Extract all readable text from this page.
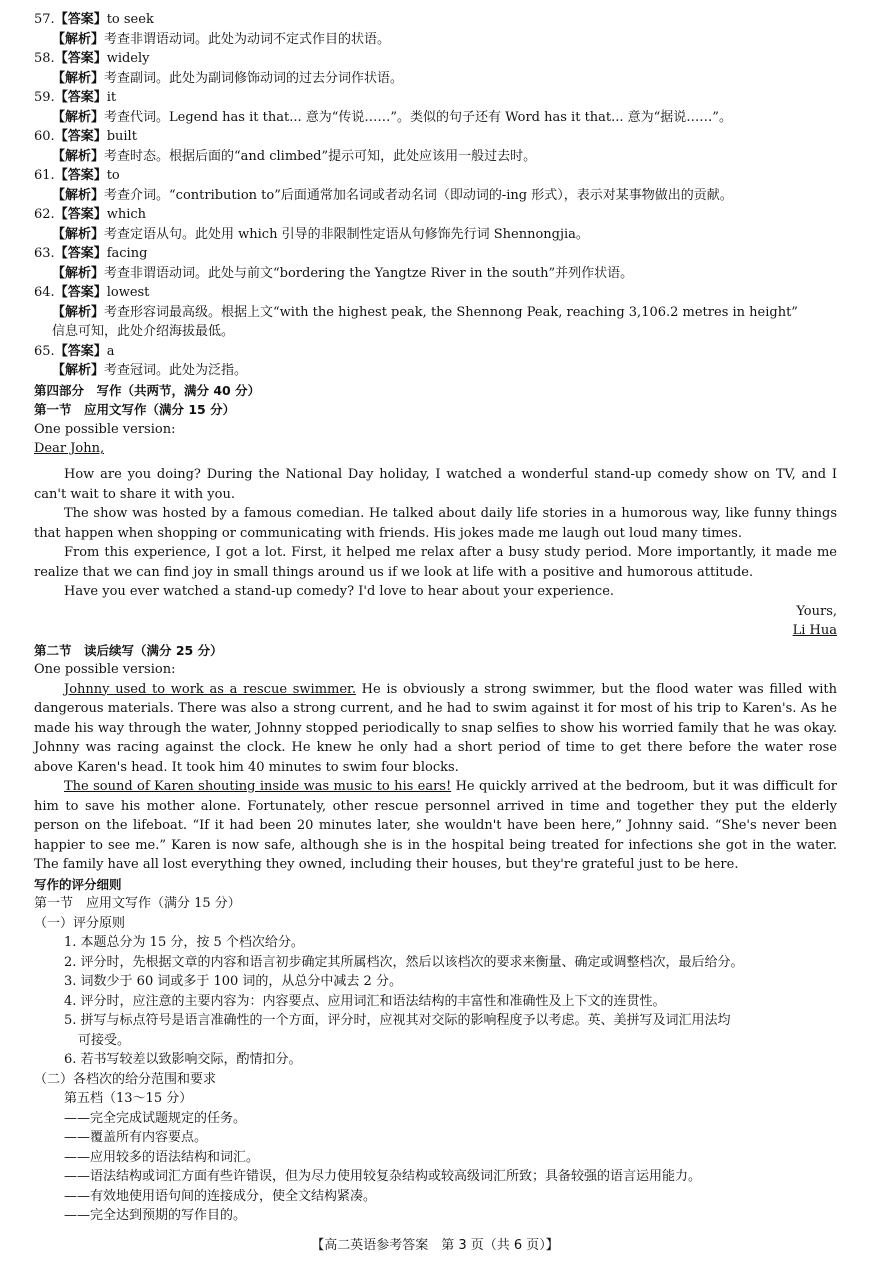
57.【答案】to seek
【解析】考查非谓语动词。此处为动词不定式作目的状语。
58.【答案】widely
【解析】考查副词。此处为副词修饰动词的过去分词作状语。
59.【答案】it
【解析】考查代词。Legend has it that... 意为“传说……”。类似的句子还有 Word has it that... 意为“据说……”。
60.【答案】built
【解析】考查时态。根据后面的“and climbed”提示可知，此处应该用一般过去时。
61.【答案】to
【解析】考查介词。“contribution to”后面通常加名词或者动名词（即动词的-ing 形式），表示对某事物做出的贡献。
62.【答案】which
【解析】考查定语从句。此处用 which 引导的非限制性定语从句修饰先行词 Shennongjia。
63.【答案】facing
【解析】考查非谓语动词。此处与前文“bordering the Yangtze River in the south”并列作状语。
64.【答案】lowest
【解析】考查形容词最高级。根据上文“with the highest peak, the Shennong Peak, reaching 3,106.2 metres in height”
信息可知，此处介绍海拔最低。
65.【答案】a
【解析】考查冠词。此处为泛指。
第四部分　写作（共两节，满分 40 分）
第一节　应用文写作（满分 15 分）
One possible version:
Dear John,
How are you doing? During the National Day holiday, I watched a wonderful stand-up comedy show on TV, and I can't wait to share it with you.
The show was hosted by a famous comedian. He talked about daily life stories in a humorous way, like funny things that happen when shopping or communicating with friends. His jokes made me laugh out loud many times.
From this experience, I got a lot. First, it helped me relax after a busy study period. More importantly, it made me realize that we can find joy in small things around us if we look at life with a positive and humorous attitude.
Have you ever watched a stand-up comedy? I'd love to hear about your experience.
Yours,
Li Hua
第二节　读后续写（满分 25 分）
One possible version:
Johnny used to work as a rescue swimmer. He is obviously a strong swimmer, but the flood water was filled with dangerous materials. There was also a strong current, and he had to swim against it for most of his trip to Karen's. As he made his way through the water, Johnny stopped periodically to snap selfies to show his worried family that he was okay. Johnny was racing against the clock. He knew he only had a short period of time to get there before the water rose above Karen's head. It took him 40 minutes to swim four blocks.
The sound of Karen shouting inside was music to his ears! He quickly arrived at the bedroom, but it was difficult for him to save his mother alone. Fortunately, other rescue personnel arrived in time and together they put the elderly person on the lifeboat. “If it had been 20 minutes later, she wouldn't have been here,” Johnny said. “She's never been happier to see me.” Karen is now safe, although she is in the hospital being treated for infections she got in the water. The family have all lost everything they owned, including their houses, but they're grateful just to be here.
写作的评分细则
第一节　应用文写作（满分 15 分）
（一）评分原则
1. 本题总分为 15 分，按 5 个档次给分。
2. 评分时，先根据文章的内容和语言初步确定其所属档次，然后以该档次的要求来衡量、确定或调整档次，最后给分。
3. 词数少于 60 词或多于 100 词的，从总分中减去 2 分。
4. 评分时，应注意的主要内容为：内容要点、应用词汇和语法结构的丰富性和准确性及上下文的连贯性。
5. 拼写与标点符号是语言准确性的一个方面，评分时，应视其对交际的影响程度予以考虑。英、美拼写及词汇用法均
可接受。
6. 若书写较差以致影响交际，酌情扣分。
（二）各档次的给分范围和要求
第五档（13～15 分）
——完全完成试题规定的任务。
——覆盖所有内容要点。
——应用较多的语法结构和词汇。
——语法结构或词汇方面有些许错误，但为尽力使用较复杂结构或较高级词汇所致；具备较强的语言运用能力。
——有效地使用语句间的连接成分，使全文结构紧凑。
——完全达到预期的写作目的。
【高二英语参考答案　第 3 页（共 6 页）】
